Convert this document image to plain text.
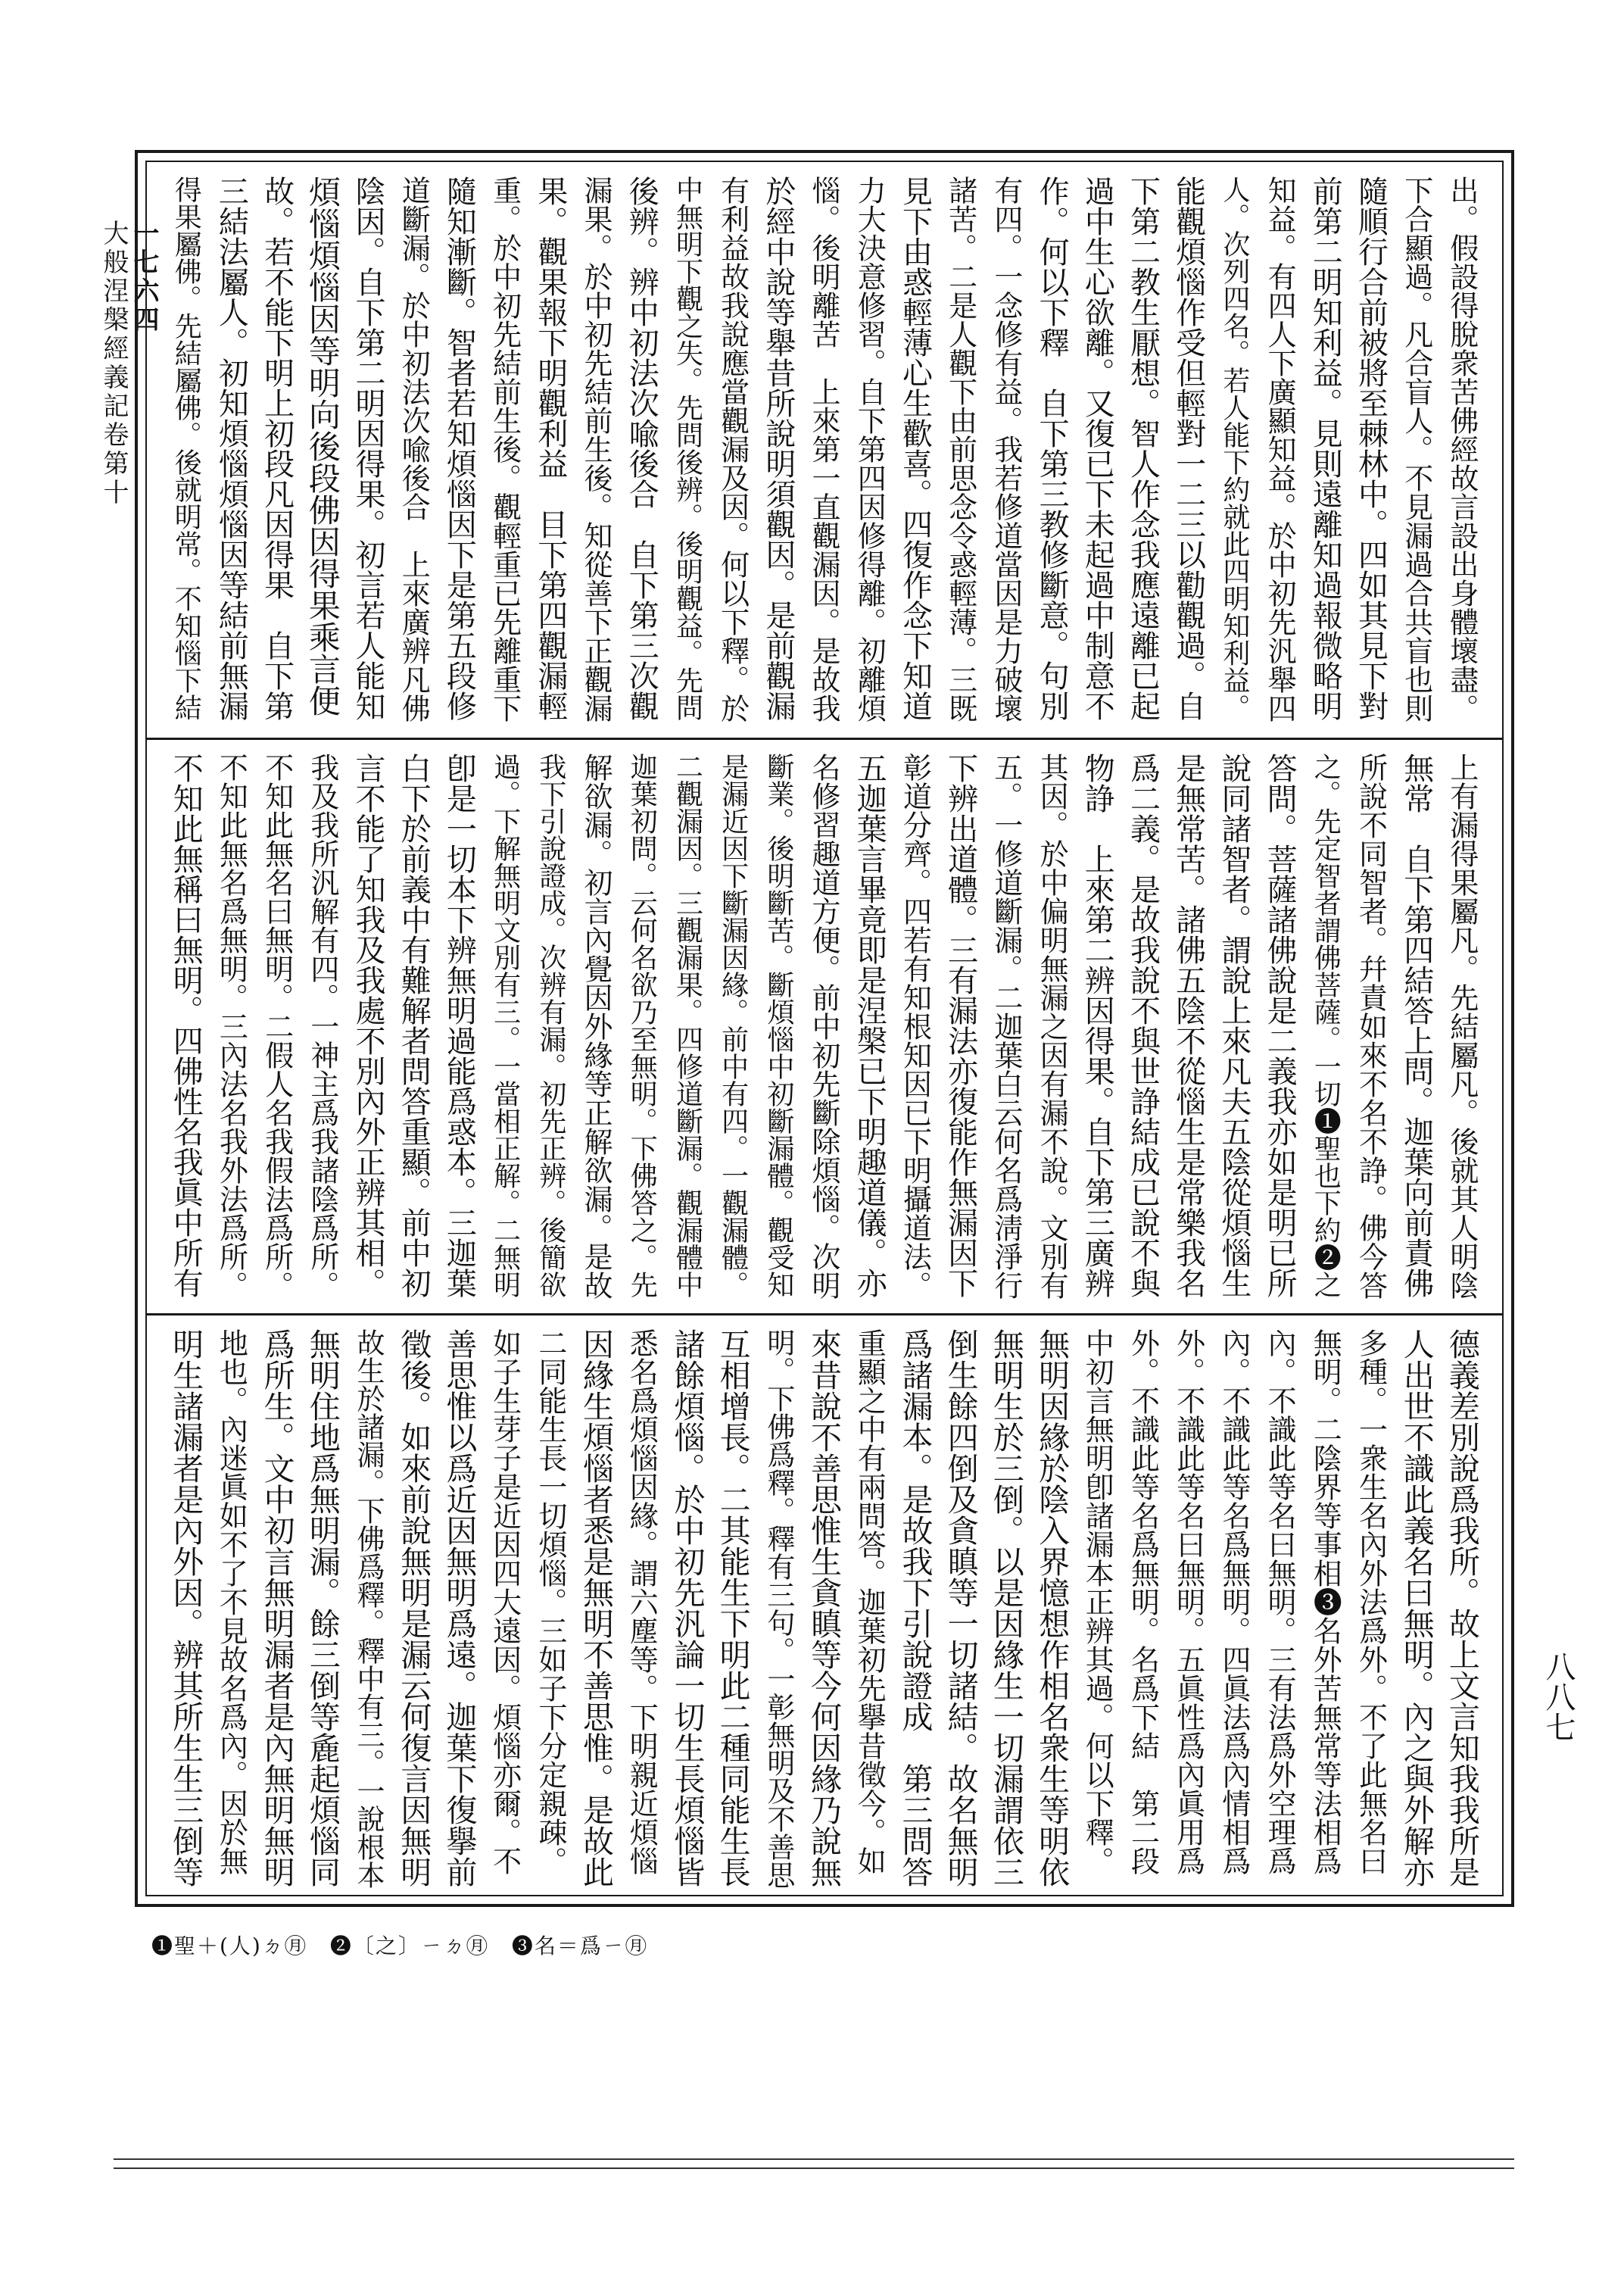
一七六四
大般涅槃經義記卷第十
八八七
出。假設得脫衆苦佛經故言設出身體壞盡。
下合顯過。凡合盲人。不見漏過合共盲也則
隨順行合前被將至棘林中。四如其見下對
前第二明知利益。見則遠離知過報微略明
知益。有四人下廣顯知益。於中初先汎舉四
人。次列四名。若人能下約就此四明知利益。
能觀煩惱作受但輕對一二三以勸觀過。自
下第二教生厭想。智人作念我應遠離已起
過中生心欲離。又復已下未起過中制意不
作。何以下釋　自下第三教修斷意。句別
有四。一念修有益。我若修道當因是力破壞
諸苦。二是人觀下由前思念令惑輕薄。三既
見下由惑輕薄心生歡喜。四復作念下知道
力大決意修習。自下第四因修得離。初離煩
惱。後明離苦　上來第一直觀漏因。是故我
於經中說等舉昔所說明須觀因。是前觀漏
有利益故我說應當觀漏及因。何以下釋。於
中無明下觀之失。先問後辨。後明觀益。先問
後辨。辨中初法次喩後合　自下第三次觀
漏果。於中初先結前生後。知從善下正觀漏
果。觀果報下明觀利益　目下第四觀漏輕
重。於中初先結前生後。觀輕重已先離重下
隨知漸斷。智者若知煩惱因下是第五段修
道斷漏。於中初法次喩後合　上來廣辨凡佛
陰因。自下第二明因得果。初言若人能知
煩惱煩惱因等明向後段佛因得果乘言便
故。若不能下明上初段凡因得果　自下第
三結法屬人。初知煩惱煩惱因等結前無漏
得果屬佛。先結屬佛。後就明常。不知惱下結
上有漏得果屬凡。先結屬凡。後就其人明陰
無常　自下第四結答上問。迦葉向前責佛
所說不同智者。幷責如來不名不諍。佛今答
之。先定智者謂佛菩薩。一切❶聖也下約❷之
答問。菩薩諸佛說是二義我亦如是明已所
說同諸智者。謂說上來凡夫五陰從煩惱生
是無常苦。諸佛五陰不從惱生是常樂我名
爲二義。是故我說不與世諍結成已說不與
物諍　上來第二辨因得果。自下第三廣辨
其因。於中偏明無漏之因有漏不說。文別有
五。一修道斷漏。二迦葉白云何名爲淸淨行
下辨出道體。三有漏法亦復能作無漏因下
彰道分齊。四若有知根知因已下明攝道法。
五迦葉言畢竟即是涅槃已下明趣道儀。亦
名修習趣道方便。前中初先斷除煩惱。次明
斷業。後明斷苦。斷煩惱中初斷漏體。觀受知
是漏近因下斷漏因緣。前中有四。一觀漏體。
二觀漏因。三觀漏果。四修道斷漏。觀漏體中
迦葉初問。云何名欲乃至無明。下佛答之。先
解欲漏。初言內覺因外緣等正解欲漏。是故
我下引說證成。次辨有漏。初先正辨。後簡欲
過。下解無明文別有三。一當相正解。二無明
卽是一切本下辨無明過能爲惑本。三迦葉
白下於前義中有難解者問答重顯。前中初
言不能了知我及我處不別內外正辨其相。
我及我所汎解有四。一神主爲我諸陰爲所。
不知此無名曰無明。二假人名我假法爲所。
不知此無名爲無明。三內法名我外法爲所。
不知此無稱曰無明。四佛性名我眞中所有
德義差別說爲我所。故上文言知我我所是
人出世不識此義名曰無明。內之與外解亦
多種。一衆生名內外法爲外。不了此無名曰
無明。二陰界等事相❸名外苦無常等法相爲
內。不識此等名曰無明。三有法爲外空理爲
內。不識此等名爲無明。四眞法爲內情相爲
外。不識此等名曰無明。五眞性爲內眞用爲
外。不識此等名爲無明。名爲下結　第二段
中初言無明卽諸漏本正辨其過。何以下釋。
無明因緣於陰入界憶想作相名衆生等明依
無明生於三倒。以是因緣生一切漏謂依三
倒生餘四倒及貪瞋等一切諸結。故名無明
爲諸漏本。是故我下引說證成　第三問答
重顯之中有兩問答。迦葉初先擧昔徵今。如
來昔說不善思惟生貪瞋等今何因緣乃說無
明。下佛爲釋。釋有三句。一彰無明及不善思
互相增長。二其能生下明此二種同能生長
諸餘煩惱。於中初先汎論一切生長煩惱皆
悉名爲煩惱因緣。謂六塵等。下明親近煩惱
因緣生煩惱者悉是無明不善思惟。是故此
二同能生長一切煩惱。三如子下分定親疎。
如子生芽子是近因四大遠因。煩惱亦爾。不
善思惟以爲近因無明爲遠。迦葉下復擧前
徵後。如來前說無明是漏云何復言因無明
故生於諸漏。下佛爲釋。釋中有三。一說根本
無明住地爲無明漏。餘三倒等麁起煩惱同
爲所生。文中初言無明漏者是內無明無明
地也。內迷眞如不了不見故名爲內。因於無
明生諸漏者是內外因。辨其所生生三倒等
❶聖＋(人)ㄉ㊊　❷〔之〕ㄧㄉ㊊　❸名＝爲ㄧ㊊
